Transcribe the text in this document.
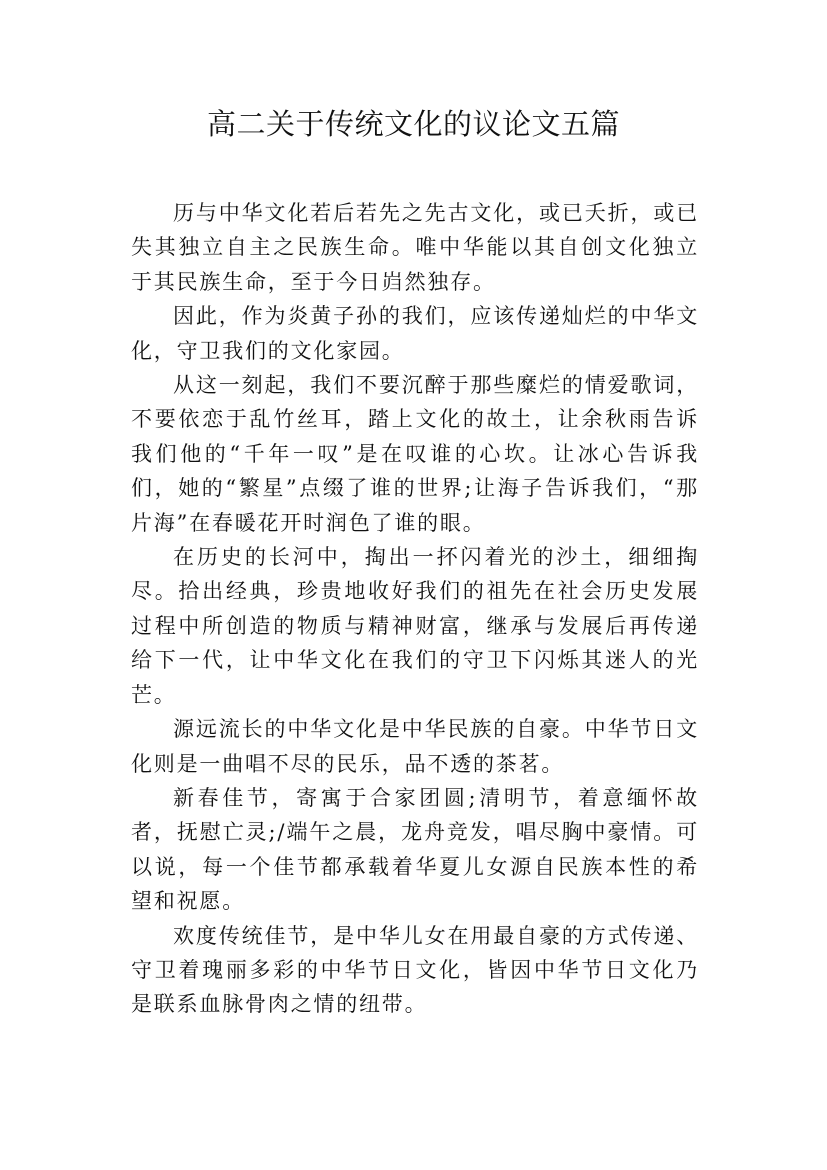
高二关于传统文化的议论文五篇

历与中华文化若后若先之先古文化，或已夭折，或已失其独立自主之民族生命。唯中华能以其自创文化独立于其民族生命，至于今日岿然独存。

因此，作为炎黄子孙的我们，应该传递灿烂的中华文化，守卫我们的文化家园。

从这一刻起，我们不要沉醉于那些糜烂的情爱歌词，不要依恋于乱竹丝耳，踏上文化的故土，让余秋雨告诉我们他的“千年一叹”是在叹谁的心坎。让冰心告诉我们，她的“繁星”点缀了谁的世界;让海子告诉我们，“那片海”在春暖花开时润色了谁的眼。

在历史的长河中，掏出一抔闪着光的沙土，细细掏尽。拾出经典，珍贵地收好我们的祖先在社会历史发展过程中所创造的物质与精神财富，继承与发展后再传递给下一代，让中华文化在我们的守卫下闪烁其迷人的光芒。

源远流长的中华文化是中华民族的自豪。中华节日文化则是一曲唱不尽的民乐，品不透的茶茗。

新春佳节，寄寓于合家团圆;清明节，着意缅怀故者，抚慰亡灵;/端午之晨，龙舟竞发，唱尽胸中豪情。可以说，每一个佳节都承载着华夏儿女源自民族本性的希望和祝愿。

欢度传统佳节，是中华儿女在用最自豪的方式传递、守卫着瑰丽多彩的中华节日文化，皆因中华节日文化乃是联系血脉骨肉之情的纽带。
